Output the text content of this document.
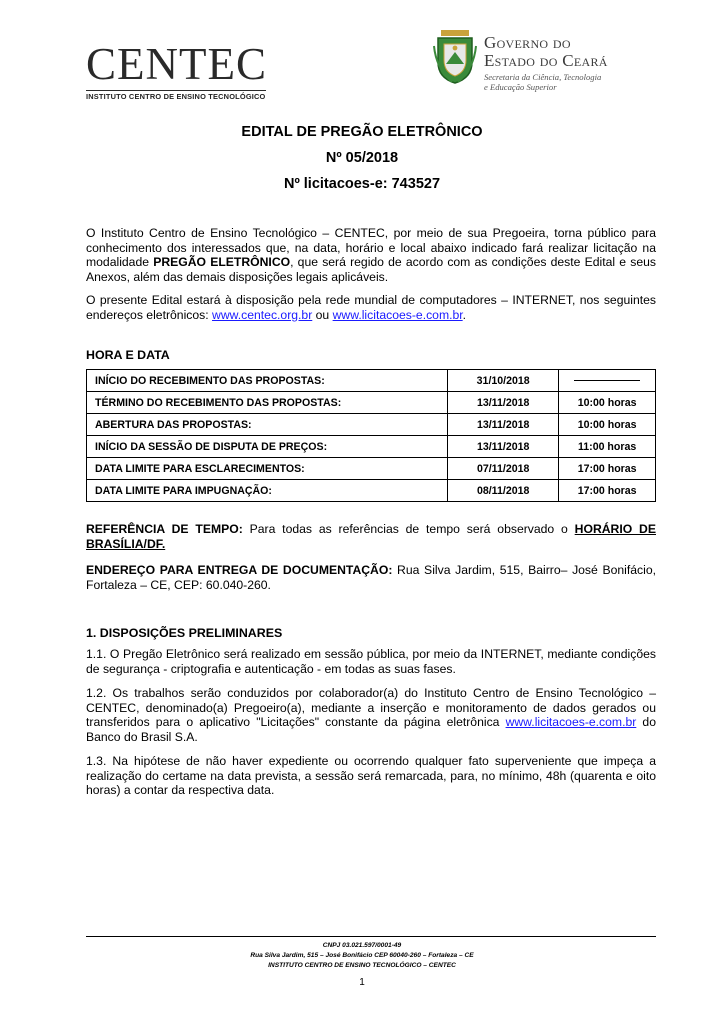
CENTEC
INSTITUTO CENTRO DE ENSINO TECNOLÓGICO
Governo do
Estado do Ceará
Secretaria da Ciência, Tecnologia
e Educação Superior
EDITAL DE PREGÃO ELETRÔNICO
Nº 05/2018
Nº licitacoes-e: 743527
O Instituto Centro de Ensino Tecnológico – CENTEC, por meio de sua Pregoeira, torna público para conhecimento dos interessados que, na data, horário e local abaixo indicado fará realizar licitação na modalidade PREGÃO ELETRÔNICO, que será regido de acordo com as condições deste Edital e seus Anexos, além das demais disposições legais aplicáveis.
O presente Edital estará à disposição pela rede mundial de computadores – INTERNET, nos seguintes endereços eletrônicos: www.centec.org.br ou www.licitacoes-e.com.br.
HORA E DATA
INÍCIO DO RECEBIMENTO DAS PROPOSTAS:	31/10/2018	
TÉRMINO DO RECEBIMENTO DAS PROPOSTAS:	13/11/2018	10:00 horas
ABERTURA DAS PROPOSTAS:	13/11/2018	10:00 horas
INÍCIO DA SESSÃO DE DISPUTA DE PREÇOS:	13/11/2018	11:00 horas
DATA LIMITE PARA ESCLARECIMENTOS:	07/11/2018	17:00 horas
DATA LIMITE PARA IMPUGNAÇÃO:	08/11/2018	17:00 horas
REFERÊNCIA DE TEMPO: Para todas as referências de tempo será observado o HORÁRIO DE BRASÍLIA/DF.
ENDEREÇO PARA ENTREGA DE DOCUMENTAÇÃO: Rua Silva Jardim, 515, Bairro– José Bonifácio, Fortaleza – CE, CEP: 60.040-260.
1. DISPOSIÇÕES PRELIMINARES
1.1. O Pregão Eletrônico será realizado em sessão pública, por meio da INTERNET, mediante condições de segurança - criptografia e autenticação - em todas as suas fases.
1.2. Os trabalhos serão conduzidos por colaborador(a) do Instituto Centro de Ensino Tecnológico – CENTEC, denominado(a) Pregoeiro(a), mediante a inserção e monitoramento de dados gerados ou transferidos para o aplicativo "Licitações" constante da página eletrônica www.licitacoes-e.com.br do Banco do Brasil S.A.
1.3. Na hipótese de não haver expediente ou ocorrendo qualquer fato superveniente que impeça a realização do certame na data prevista, a sessão será remarcada, para, no mínimo, 48h (quarenta e oito horas) a contar da respectiva data.
CNPJ 03.021.597/0001-49
Rua Silva Jardim, 515 – José Bonifácio CEP 60040-260 – Fortaleza – CE
INSTITUTO CENTRO DE ENSINO TECNOLÓGICO – CENTEC
1
